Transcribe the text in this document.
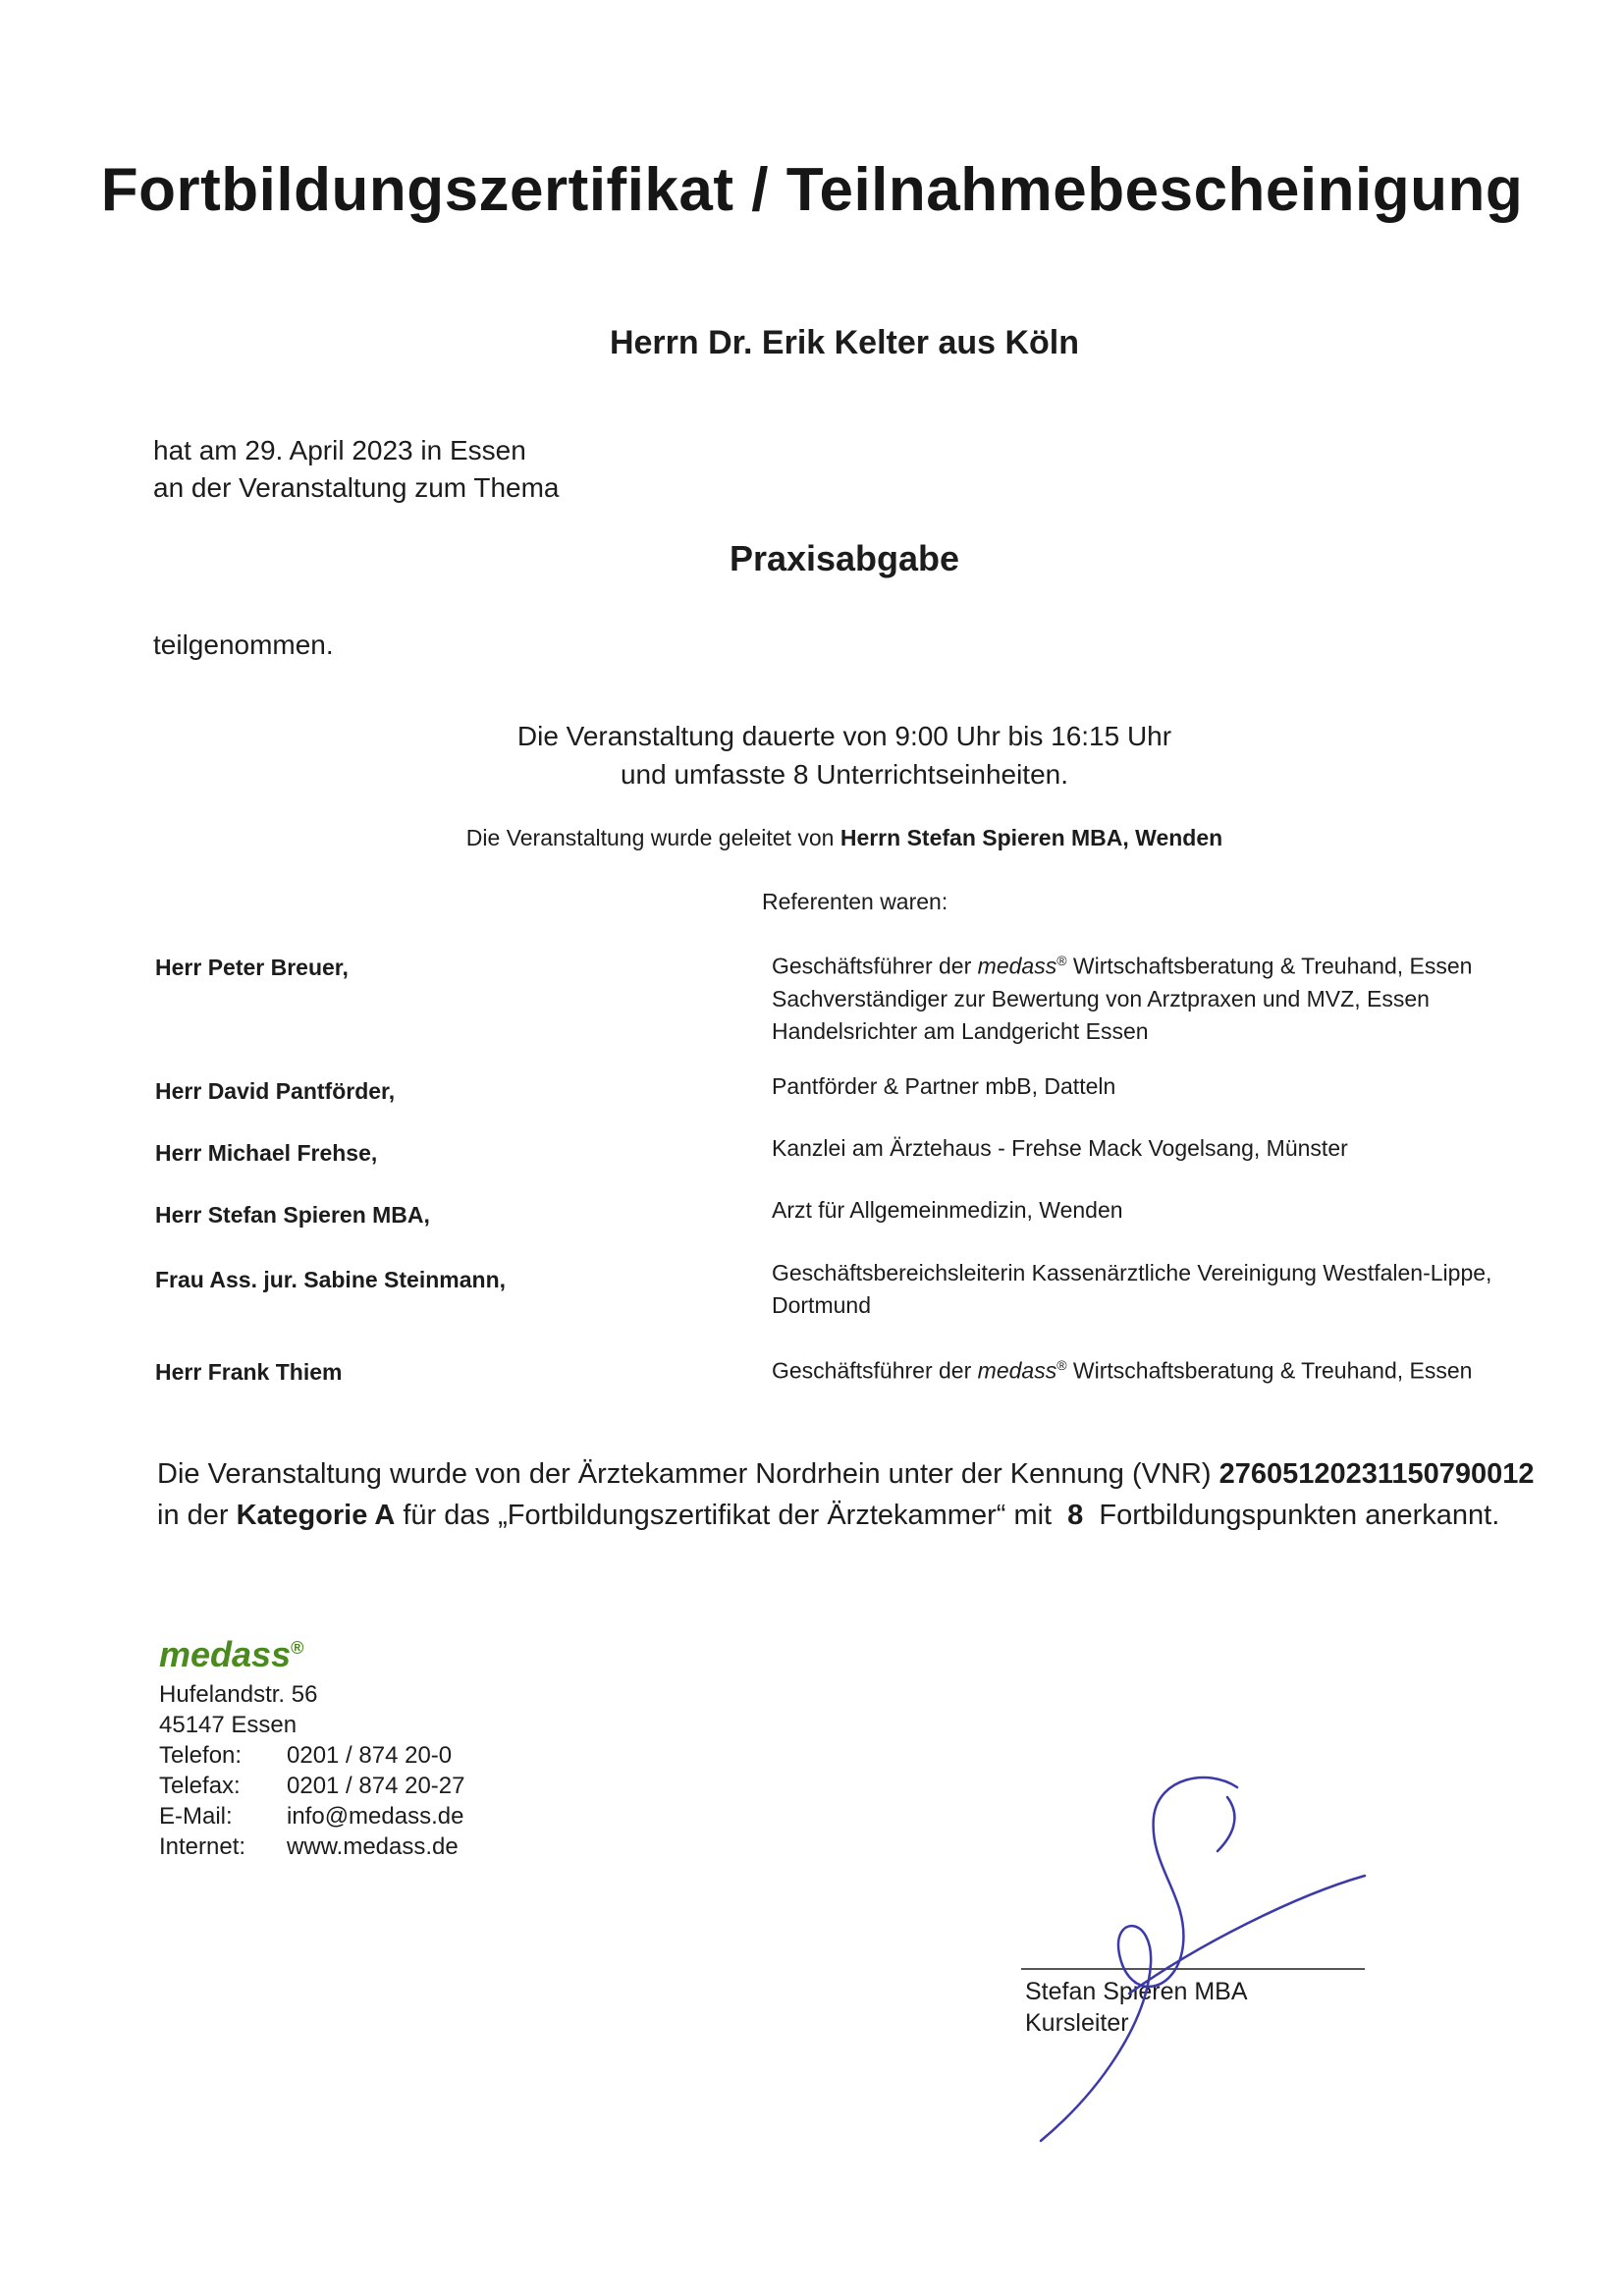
Fortbildungszertifikat / Teilnahmebescheinigung
Herrn Dr. Erik Kelter aus Köln
hat am 29. April 2023 in Essen
an der Veranstaltung zum Thema
Praxisabgabe
teilgenommen.
Die Veranstaltung dauerte von 9:00 Uhr bis 16:15 Uhr
und umfasste 8 Unterrichtseinheiten.
Die Veranstaltung wurde geleitet von Herrn Stefan Spieren MBA, Wenden
Referenten waren:
Herr Peter Breuer,	Geschäftsführer der medass® Wirtschaftsberatung & Treuhand, Essen
Sachverständiger zur Bewertung von Arztpraxen und MVZ, Essen
Handelsrichter am Landgericht Essen
Herr David Pantförder,	Pantförder & Partner mbB, Datteln
Herr Michael Frehse,	Kanzlei am Ärztehaus - Frehse Mack Vogelsang, Münster
Herr Stefan Spieren MBA,	Arzt für Allgemeinmedizin, Wenden
Frau Ass. jur. Sabine Steinmann,	Geschäftsbereichsleiterin Kassenärztliche Vereinigung Westfalen-Lippe, Dortmund
Herr Frank Thiem	Geschäftsführer der medass® Wirtschaftsberatung & Treuhand, Essen
Die Veranstaltung wurde von der Ärztekammer Nordrhein unter der Kennung (VNR) 2760512023115079001​2
in der Kategorie A für das „Fortbildungszertifikat der Ärztekammer“ mit 8 Fortbildungspunkten anerkannt.
medass®
Hufelandstr. 56
45147 Essen
Telefon: 0201 / 874 20-0
Telefax: 0201 / 874 20-27
E-Mail: info@medass.de
Internet: www.medass.de
Stefan Spieren MBA
Kursleiter
